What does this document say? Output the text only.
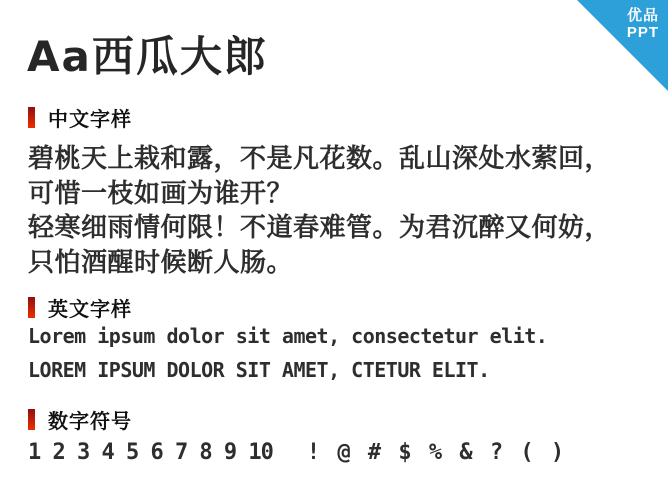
优品
PPT
Aa西瓜大郎
中文字样
碧桃天上栽和露，不是凡花数。乱山深处水萦回，
可惜一枝如画为谁开？
轻寒细雨情何限！不道春难管。为君沉醉又何妨，
只怕酒醒时候断人肠。
英文字样
Lorem ipsum dolor sit amet, consectetur elit.
LOREM IPSUM DOLOR SIT AMET, CTETUR ELIT.
数字符号
1 2 3 4 5 6 7 8 9 10 ! @ # $ % & ? ( )
